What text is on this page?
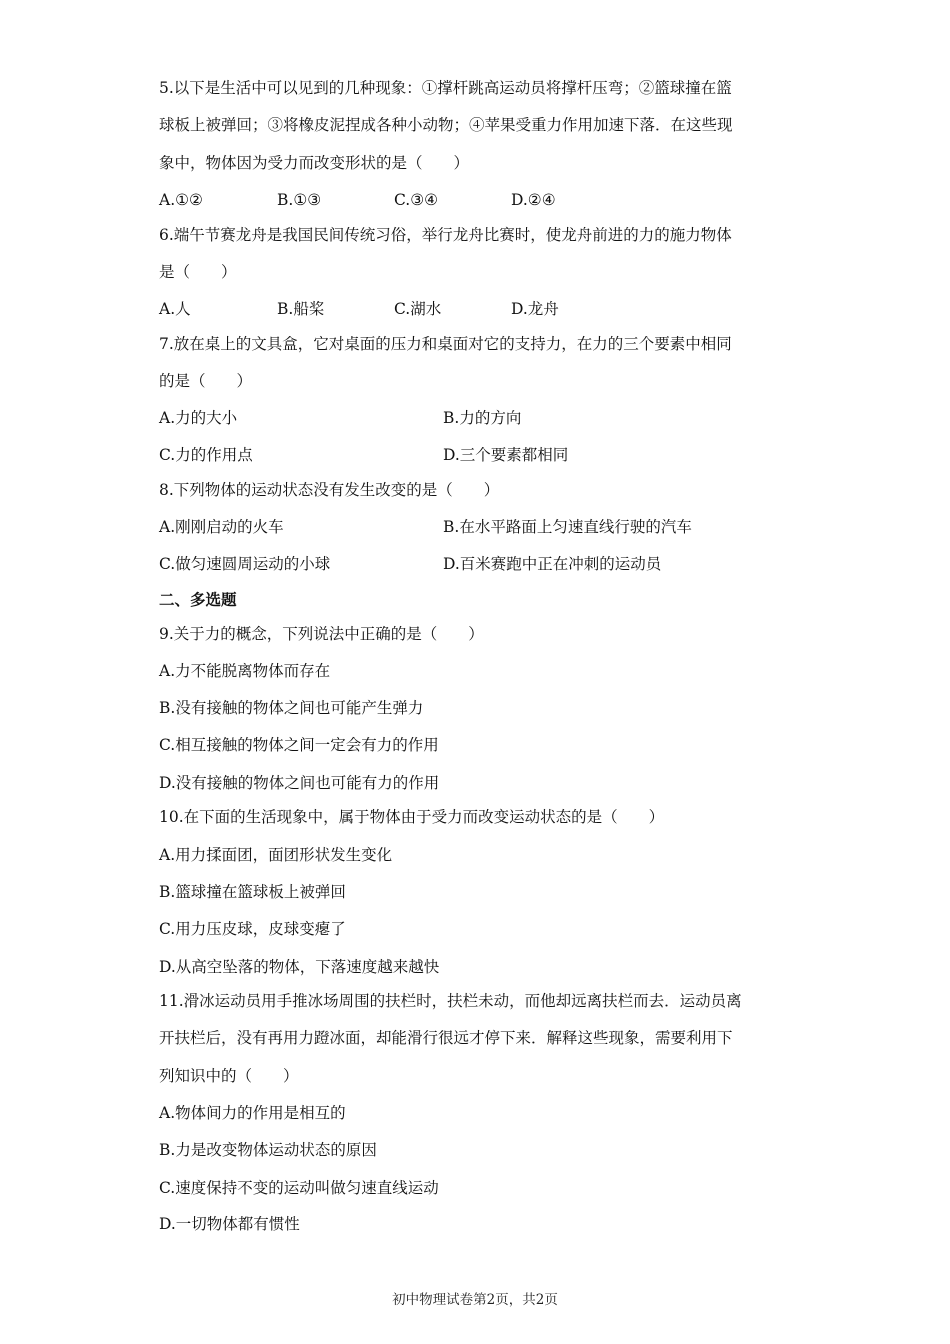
5.以下是生活中可以见到的几种现象：①撑杆跳高运动员将撑杆压弯；②篮球撞在篮
球板上被弹回；③将橡皮泥捏成各种小动物；④苹果受重力作用加速下落．在这些现
象中，物体因为受力而改变形状的是（　　）
A.①②	B.①③	C.③④	D.②④
6.端午节赛龙舟是我国民间传统习俗，举行龙舟比赛时，使龙舟前进的力的施力物体
是（　　）
A.人	B.船桨	C.湖水	D.龙舟
7.放在桌上的文具盒，它对桌面的压力和桌面对它的支持力，在力的三个要素中相同
的是（　　）
A.力的大小	B.力的方向
C.力的作用点	D.三个要素都相同
8.下列物体的运动状态没有发生改变的是（　　）
A.刚刚启动的火车	B.在水平路面上匀速直线行驶的汽车
C.做匀速圆周运动的小球	D.百米赛跑中正在冲刺的运动员
二、多选题
9.关于力的概念，下列说法中正确的是（　　）
A.力不能脱离物体而存在
B.没有接触的物体之间也可能产生弹力
C.相互接触的物体之间一定会有力的作用
D.没有接触的物体之间也可能有力的作用
10.在下面的生活现象中，属于物体由于受力而改变运动状态的是（　　）
A.用力揉面团，面团形状发生变化
B.篮球撞在篮球板上被弹回
C.用力压皮球，皮球变瘪了
D.从高空坠落的物体，下落速度越来越快
11.滑冰运动员用手推冰场周围的扶栏时，扶栏未动，而他却远离扶栏而去．运动员离
开扶栏后，没有再用力蹬冰面，却能滑行很远才停下来．解释这些现象，需要利用下
列知识中的（　　）
A.物体间力的作用是相互的
B.力是改变物体运动状态的原因
C.速度保持不变的运动叫做匀速直线运动
D.一切物体都有惯性
初中物理试卷第2页，共2页
